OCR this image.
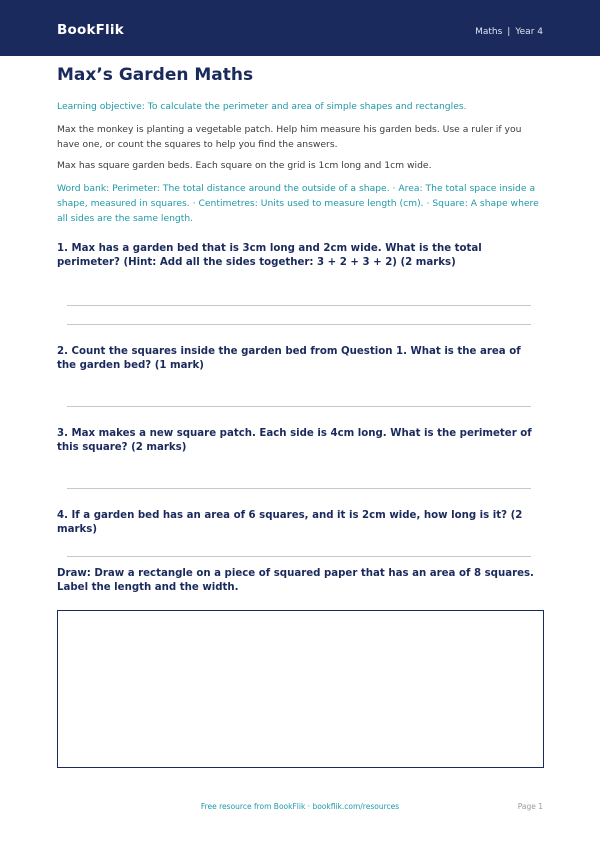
BookFlik	Maths | Year 4
Max’s Garden Maths

Learning objective: To calculate the perimeter and area of simple shapes and rectangles.

Max the monkey is planting a vegetable patch. Help him measure his garden beds. Use a ruler if you have one, or count the squares to help you find the answers.

Max has square garden beds. Each square on the grid is 1cm long and 1cm wide.

Word bank: Perimeter: The total distance around the outside of a shape. · Area: The total space inside a shape, measured in squares. · Centimetres: Units used to measure length (cm). · Square: A shape where all sides are the same length.

1. Max has a garden bed that is 3cm long and 2cm wide. What is the total perimeter? (Hint: Add all the sides together: 3 + 2 + 3 + 2) (2 marks)

2. Count the squares inside the garden bed from Question 1. What is the area of the garden bed? (1 mark)

3. Max makes a new square patch. Each side is 4cm long. What is the perimeter of this square? (2 marks)

4. If a garden bed has an area of 6 squares, and it is 2cm wide, how long is it? (2 marks)

Draw: Draw a rectangle on a piece of squared paper that has an area of 8 squares. Label the length and the width.

Free resource from BookFlik · bookflik.com/resources	Page 1
